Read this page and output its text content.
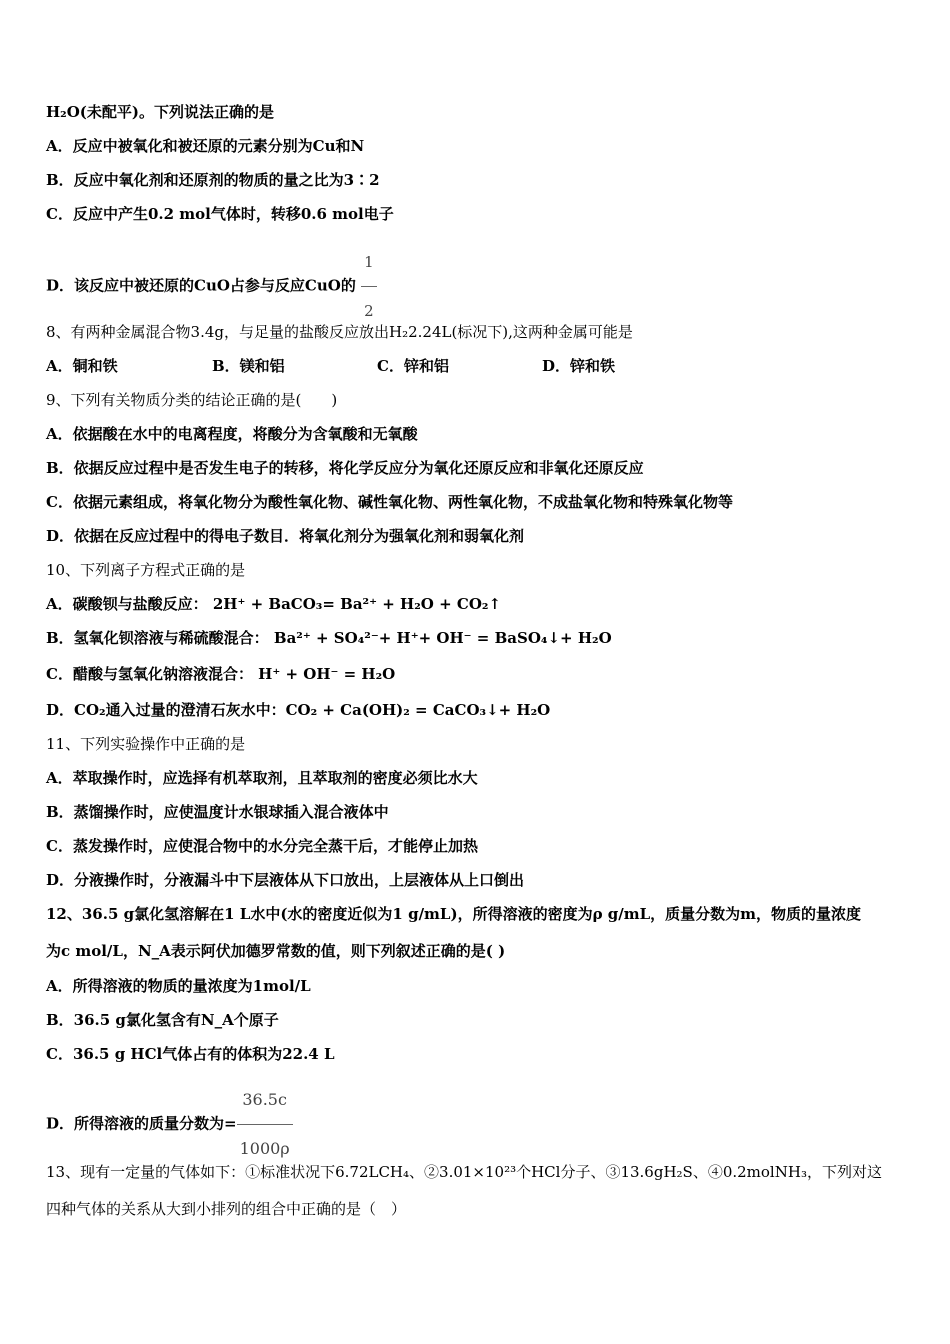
H₂O(未配平)。下列说法正确的是
A．反应中被氧化和被还原的元素分别为Cu和N
B．反应中氧化剂和还原剂的物质的量之比为3∶2
C．反应中产生0.2 mol气体时，转移0.6 mol电子
D．该反应中被还原的CuO占参与反应CuO的 $\frac{1}{2}$
8、有两种金属混合物3.4g，与足量的盐酸反应放出H₂2.24L(标况下),这两种金属可能是
A．铜和铁	B．镁和铝	C．锌和铝	D．锌和铁
9、下列有关物质分类的结论正确的是(　　)
A．依据酸在水中的电离程度，将酸分为含氧酸和无氧酸
B．依据反应过程中是否发生电子的转移，将化学反应分为氧化还原反应和非氧化还原反应
C．依据元素组成，将氧化物分为酸性氧化物、碱性氧化物、两性氧化物，不成盐氧化物和特殊氧化物等
D．依据在反应过程中的得电子数目．将氧化剂分为强氧化剂和弱氧化剂
10、下列离子方程式正确的是
A．碳酸钡与盐酸反应： 2H⁺ + BaCO₃= Ba²⁺ + H₂O + CO₂↑
B．氢氧化钡溶液与稀硫酸混合： Ba²⁺ + SO₄²⁻+ H⁺+ OH⁻ = BaSO₄↓+ H₂O
C．醋酸与氢氧化钠溶液混合： H⁺ + OH⁻ = H₂O
D．CO₂通入过量的澄清石灰水中：CO₂ + Ca(OH)₂ = CaCO₃↓+ H₂O
11、下列实验操作中正确的是
A．萃取操作时，应选择有机萃取剂，且萃取剂的密度必须比水大
B．蒸馏操作时，应使温度计水银球插入混合液体中
C．蒸发操作时，应使混合物中的水分完全蒸干后，才能停止加热
D．分液操作时，分液漏斗中下层液体从下口放出，上层液体从上口倒出
12、36.5 g氯化氢溶解在1 L水中(水的密度近似为1 g/mL)，所得溶液的密度为ρ g/mL，质量分数为m，物质的量浓度
为c mol/L，N_A表示阿伏加德罗常数的值，则下列叙述正确的是( )
A．所得溶液的物质的量浓度为1mol/L
B．36.5 g氯化氢含有N_A个原子
C．36.5 g HCl气体占有的体积为22.4 L
D．所得溶液的质量分数为= $\frac{36.5c}{1000\rho}$
13、现有一定量的气体如下：①标准状况下6.72LCH₄、②3.01×10²³个HCl分子、③13.6gH₂S、④0.2molNH₃，下列对这
四种气体的关系从大到小排列的组合中正确的是（　）
